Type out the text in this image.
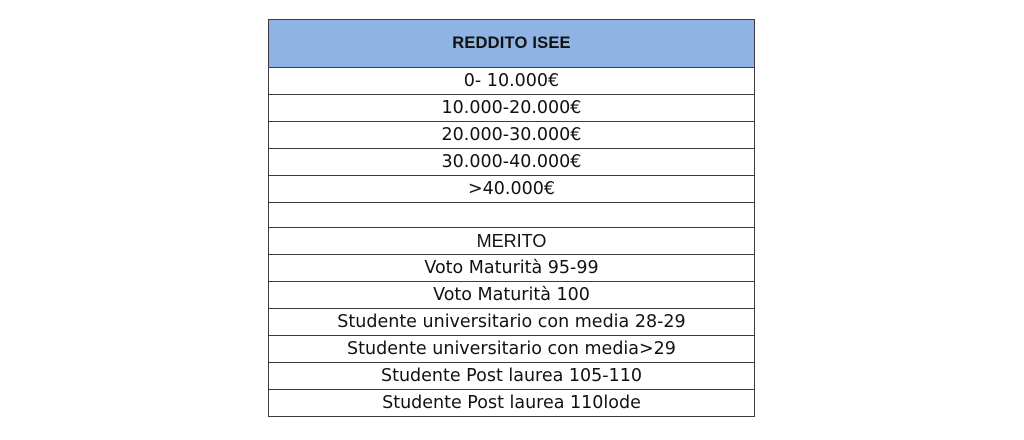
REDDITO ISEE
0- 10.000€
10.000-20.000€
20.000-30.000€
30.000-40.000€
>40.000€

MERITO
Voto Maturità 95-99
Voto Maturità 100
Studente universitario con media 28-29
Studente universitario con media>29
Studente Post laurea 105-110
Studente Post laurea 110lode
